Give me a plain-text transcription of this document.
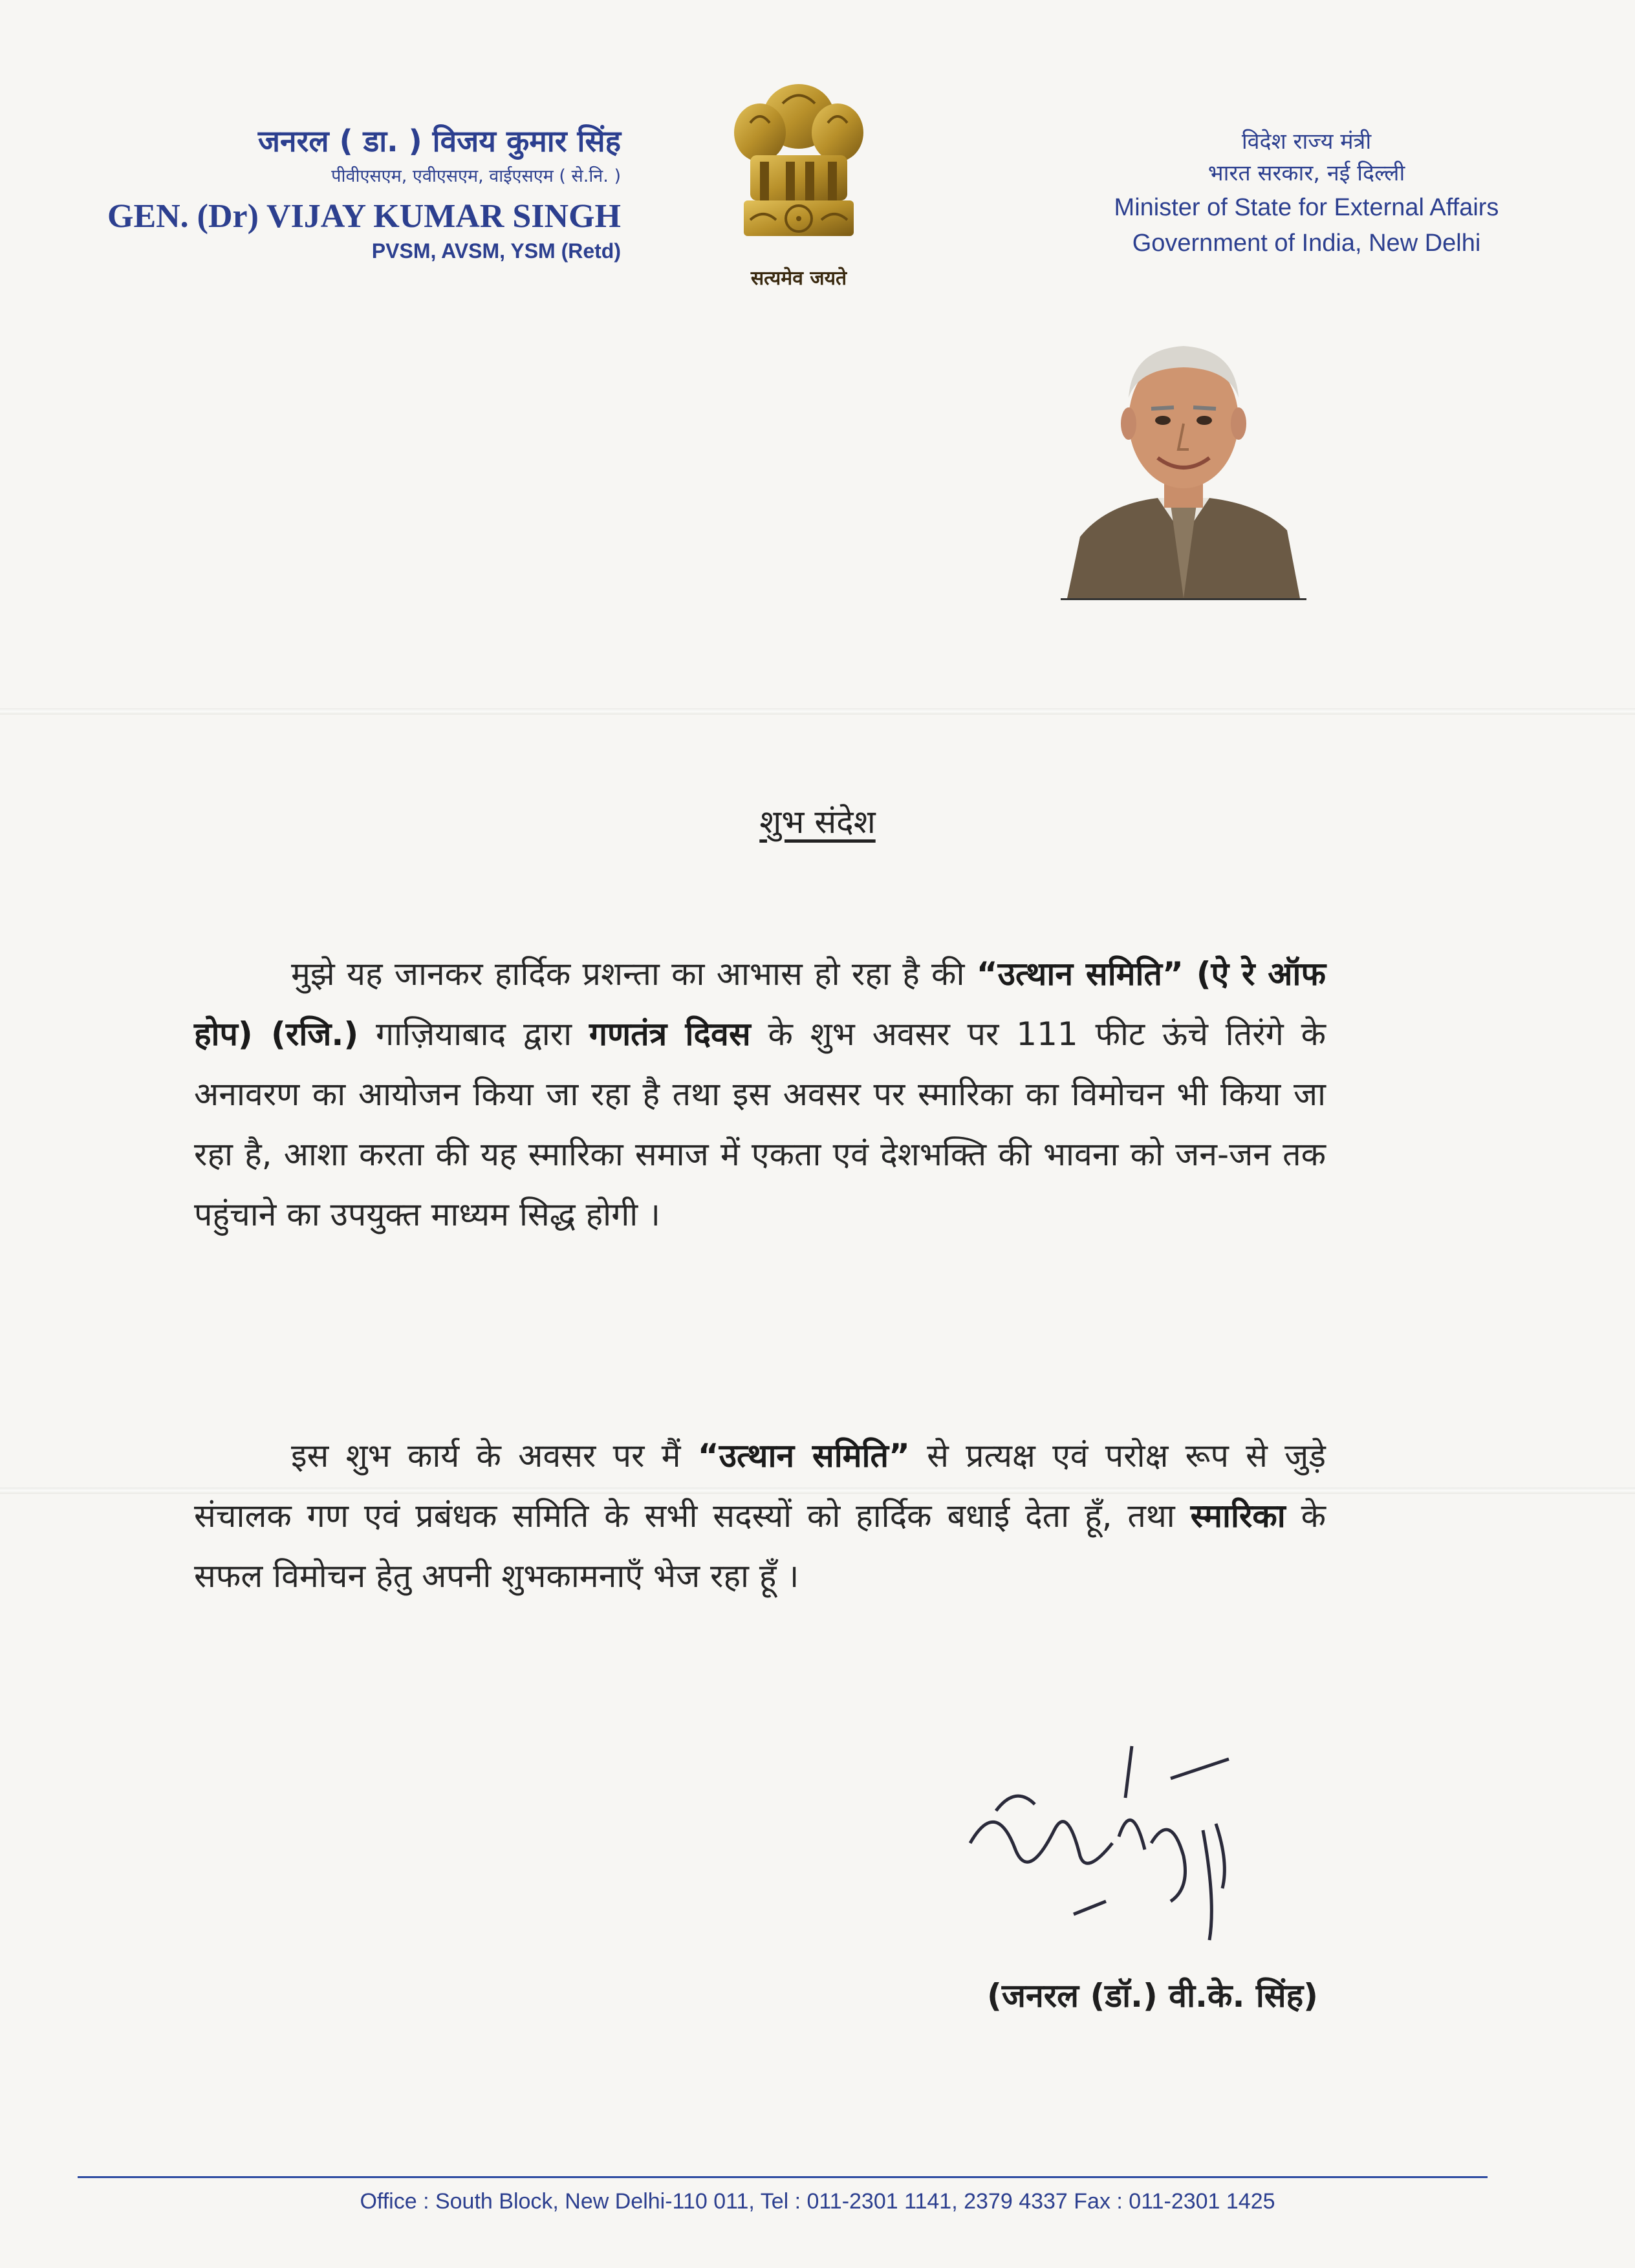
जनरल ( डा. ) विजय कुमार सिंह
पीवीएसएम, एवीएसएम, वाईएसएम ( से.नि. )
GEN. (Dr) VIJAY KUMAR SINGH
PVSM, AVSM, YSM (Retd)
सत्यमेव जयते
विदेश राज्य मंत्री
भारत सरकार, नई दिल्ली
Minister of State for External Affairs
Government of India, New Delhi
शुभ संदेश
मुझे यह जानकर हार्दिक प्रशन्ता का आभास हो रहा है की “उत्थान समिति” (ऐ रे ऑफ होप) (रजि.) गाज़ियाबाद द्वारा गणतंत्र दिवस के शुभ अवसर पर 111 फीट ऊंचे तिरंगे के अनावरण का आयोजन किया जा रहा है तथा इस अवसर पर स्मारिका का विमोचन भी किया जा रहा है, आशा करता की यह स्मारिका समाज में एकता एवं देशभक्ति की भावना को जन-जन तक पहुंचाने का उपयुक्त माध्यम सिद्ध होगी ।
इस शुभ कार्य के अवसर पर मैं “उत्थान समिति” से प्रत्यक्ष एवं परोक्ष रूप से जुड़े संचालक गण एवं प्रबंधक समिति के सभी सदस्यों को हार्दिक बधाई देता हूँ, तथा स्मारिका के सफल विमोचन हेतु अपनी शुभकामनाएँ भेज रहा हूँ ।
(जनरल (डॉ.) वी.के. सिंह)
Office : South Block, New Delhi-110 011, Tel : 011-2301 1141, 2379 4337 Fax : 011-2301 1425
